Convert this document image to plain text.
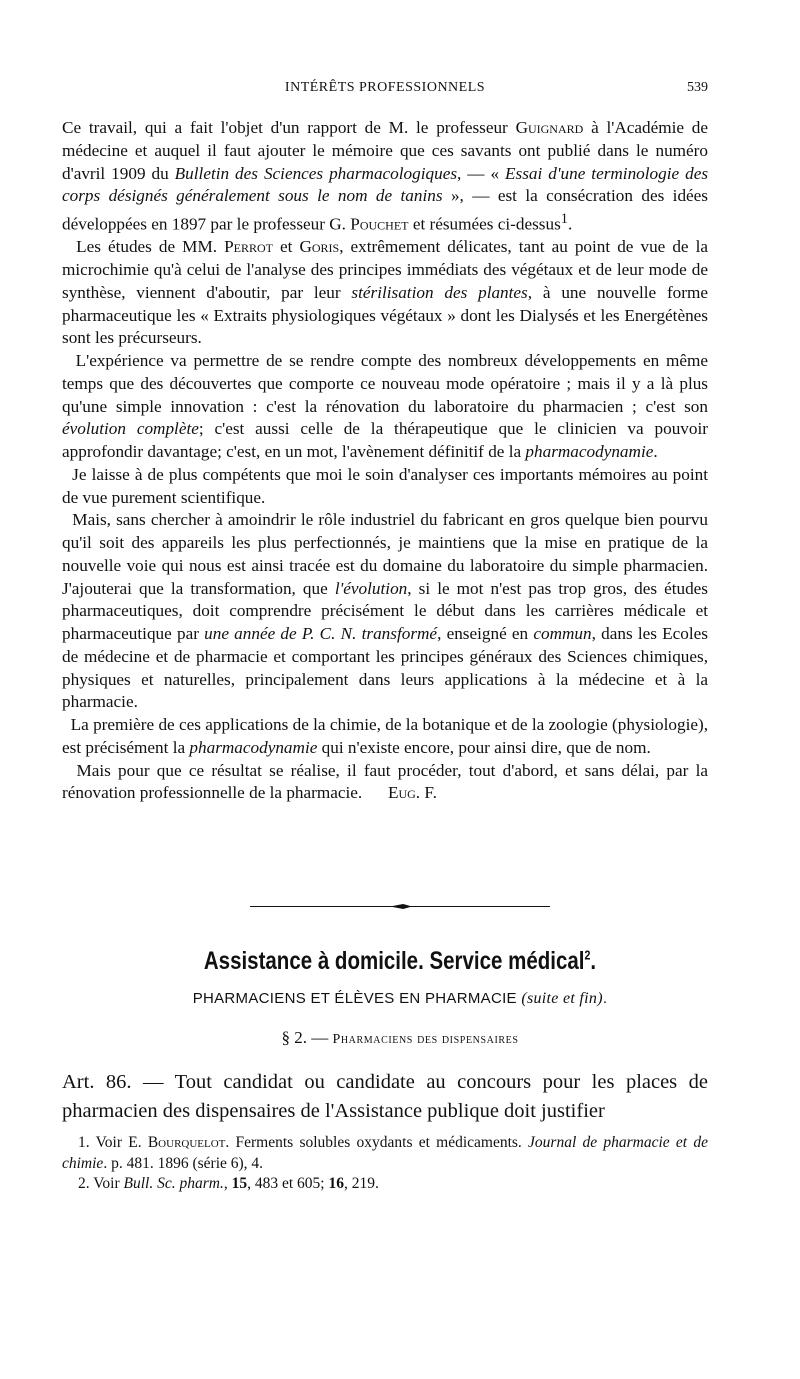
INTÉRÊTS PROFESSIONNELS	539

Ce travail, qui a fait l'objet d'un rapport de M. le professeur Guignard à l'Académie de médecine et auquel il faut ajouter le mémoire que ces savants ont publié dans le numéro d'avril 1909 du Bulletin des Sciences pharmacologiques, — « Essai d'une terminologie des corps désignés généralement sous le nom de tanins », — est la consécration des idées développées en 1897 par le professeur G. Pouchet et résumées ci-dessus$^1$.

Les études de MM. Perrot et Goris, extrêmement délicates, tant au point de vue de la microchimie qu'à celui de l'analyse des principes immédiats des végétaux et de leur mode de synthèse, viennent d'aboutir, par leur stérilisation des plantes, à une nouvelle forme pharmaceutique les « Extraits physiologiques végétaux » dont les Dialysés et les Energétènes sont les précurseurs.

L'expérience va permettre de se rendre compte des nombreux développements en même temps que des découvertes que comporte ce nouveau mode opératoire ; mais il y a là plus qu'une simple innovation : c'est la rénovation du laboratoire du pharmacien ; c'est son évolution complète; c'est aussi celle de la thérapeutique que le clinicien va pouvoir approfondir davantage; c'est, en un mot, l'avènement définitif de la pharmacodynamie.

Je laisse à de plus compétents que moi le soin d'analyser ces importants mémoires au point de vue purement scientifique.

Mais, sans chercher à amoindrir le rôle industriel du fabricant en gros quelque bien pourvu qu'il soit des appareils les plus perfectionnés, je maintiens que la mise en pratique de la nouvelle voie qui nous est ainsi tracée est du domaine du laboratoire du simple pharmacien. J'ajouterai que la transformation, que l'évolution, si le mot n'est pas trop gros, des études pharmaceutiques, doit comprendre précisément le début dans les carrières médicale et pharmaceutique par une année de P. C. N. transformé, enseigné en commun, dans les Ecoles de médecine et de pharmacie et comportant les principes généraux des Sciences chimiques, physiques et naturelles, principalement dans leurs applications à la médecine et à la pharmacie.

La première de ces applications de la chimie, de la botanique et de la zoologie (physiologie), est précisément la pharmacodynamie qui n'existe encore, pour ainsi dire, que de nom.

Mais pour que ce résultat se réalise, il faut procéder, tout d'abord, et sans délai, par la rénovation professionnelle de la pharmacie. Eug. F.

Assistance à domicile. Service médical$^2$.
PHARMACIENS ET ÉLÈVES EN PHARMACIE (suite et fin).
§ 2. — Pharmaciens des dispensaires

Art. 86. — Tout candidat ou candidate au concours pour les places de pharmacien des dispensaires de l'Assistance publique doit justifier

1. Voir E. Bourquelot. Ferments solubles oxydants et médicaments. Journal de pharmacie et de chimie. p. 481. 1896 (série 6), 4.

2. Voir Bull. Sc. pharm., 15, 483 et 605; 16, 219.
